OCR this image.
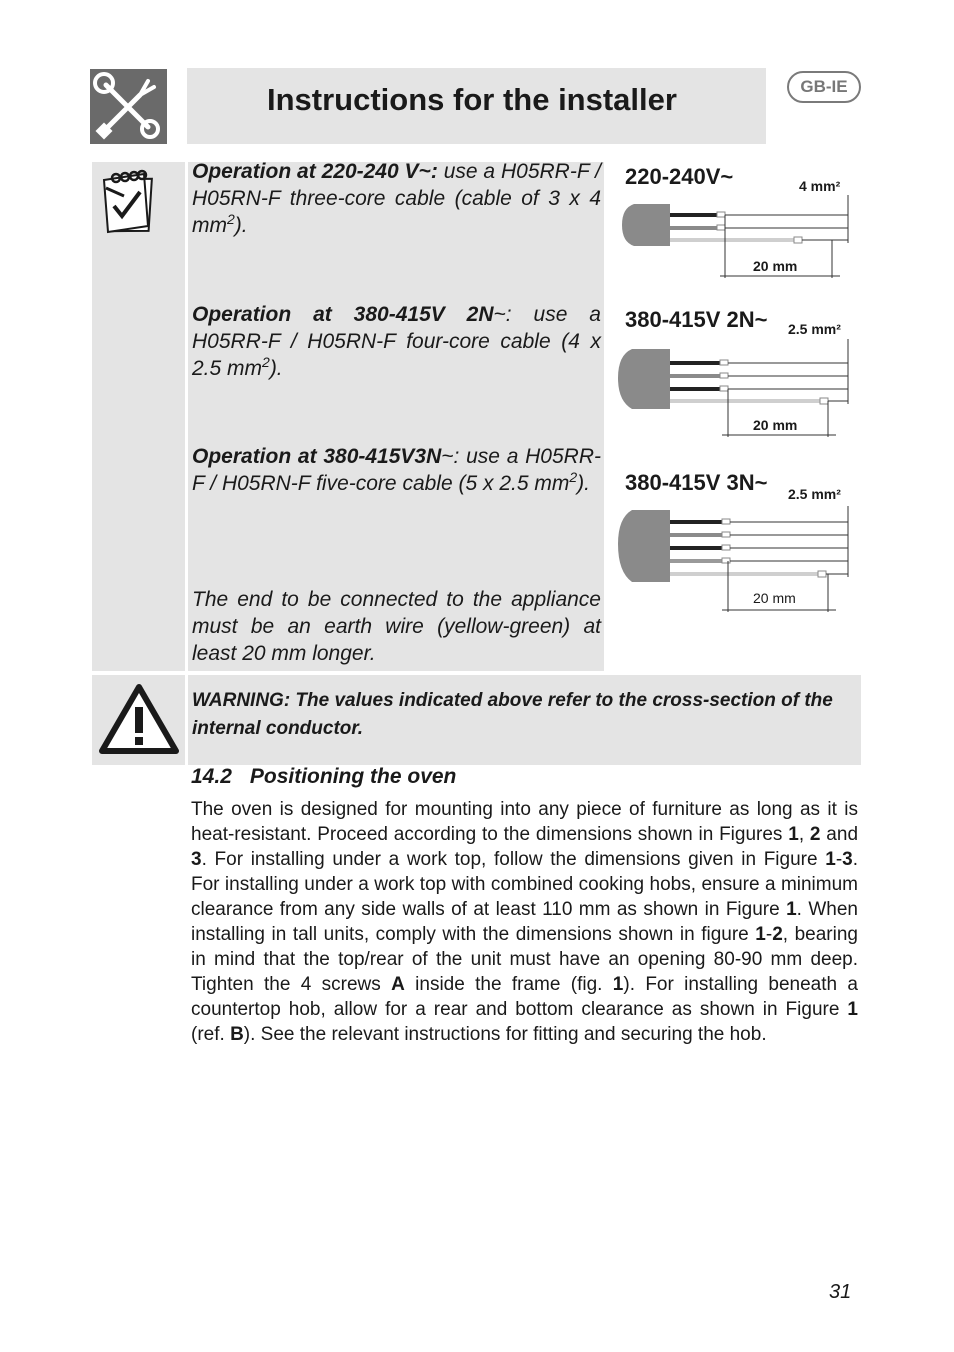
Instructions for the installer	GB-IE

Operation at 220-240 V~: use a H05RR-F / H05RN-F three-core cable (cable of 3 x 4 $mm^2$).

Operation at 380-415V 2N~: use a H05RR-F / H05RN-F four-core cable (4 x 2.5 $mm^2$).

Operation at 380-415V3N~: use a H05RR-F / H05RN-F five-core cable (5 x 2.5 $mm^2$).

The end to be connected to the appliance must be an earth wire (yellow-green) at least 20 mm longer.

220-240V~	4 mm²
20 mm
380-415V 2N~ 2.5 mm²
20 mm
380-415V 3N~ 2.5 mm²
20 mm

WARNING: The values indicated above refer to the cross-section of the internal conductor.

14.2 Positioning the oven

The oven is designed for mounting into any piece of furniture as long as it is heat-resistant. Proceed according to the dimensions shown in Figures 1, 2 and 3. For installing under a work top, follow the dimensions given in Figure 1-3. For installing under a work top with combined cooking hobs, ensure a minimum clearance from any side walls of at least 110 mm as shown in Figure 1. When installing in tall units, comply with the dimensions shown in figure 1-2, bearing in mind that the top/rear of the unit must have an opening 80-90 mm deep. Tighten the 4 screws A inside the frame (fig. 1). For installing beneath a countertop hob, allow for a rear and bottom clearance as shown in Figure 1 (ref. B). See the relevant instructions for fitting and securing the hob.

31
